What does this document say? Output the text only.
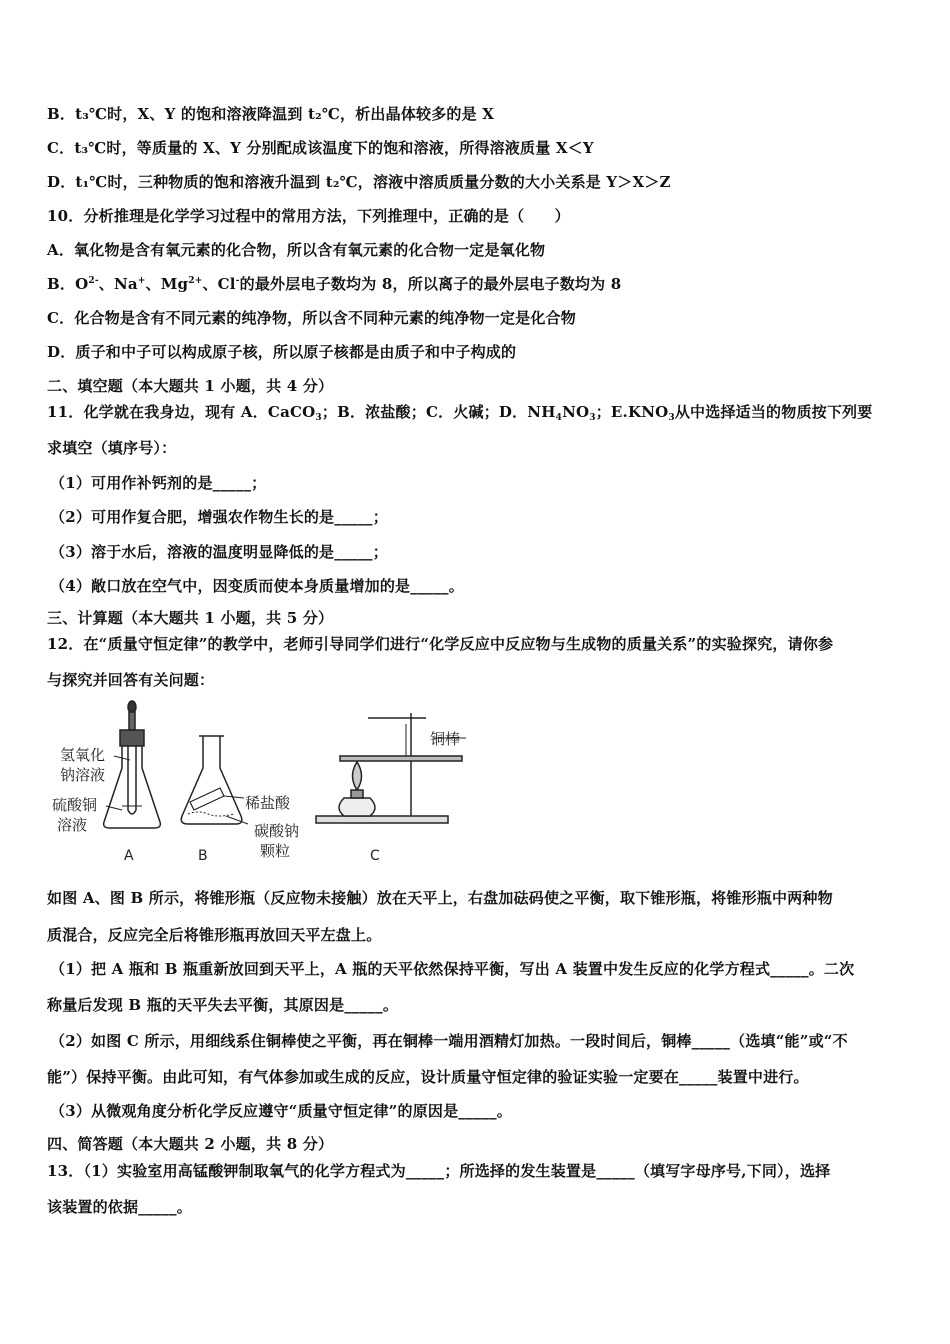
B．t₃℃时，X、Y 的饱和溶液降温到 t₂℃，析出晶体较多的是 X
C．t₃℃时，等质量的 X、Y 分别配成该温度下的饱和溶液，所得溶液质量 X＜Y
D．t₁℃时，三种物质的饱和溶液升温到 t₂℃，溶液中溶质质量分数的大小关系是 Y＞X＞Z
10．分析推理是化学学习过程中的常用方法，下列推理中，正确的是（　　）
A．氧化物是含有氧元素的化合物，所以含有氧元素的化合物一定是氧化物
B．$O^{2-}$、Na+、$Mg^{2+}$、Cl-的最外层电子数均为 8，所以离子的最外层电子数均为 8
C．化合物是含有不同元素的纯净物，所以含不同种元素的纯净物一定是化合物
D．质子和中子可以构成原子核，所以原子核都是由质子和中子构成的
二、填空题（本大题共 1 小题，共 4 分）
11．化学就在我身边，现有 A．CaCO$_3$；B．浓盐酸；C．火碱；D．$NH_4NO_3$；$E.KNO_3$从中选择适当的物质按下列要
求填空（填序号）：
（1）可用作补钙剂的是_____；
（2）可用作复合肥，增强农作物生长的是_____；
（3）溶于水后，溶液的温度明显降低的是_____；
（4）敞口放在空气中，因变质而使本身质量增加的是_____。
三、计算题（本大题共 1 小题，共 5 分）
12．在“质量守恒定律”的教学中，老师引导同学们进行“化学反应中反应物与生成物的质量关系”的实验探究，请你参
与探究并回答有关问题：
氢氧化
钠溶液
硫酸铜
溶液
稀盐酸
碳酸钠
颗粒
铜棒
A	B	C
如图 A、图 B 所示，将锥形瓶（反应物未接触）放在天平上，右盘加砝码使之平衡，取下锥形瓶，将锥形瓶中两种物
质混合，反应完全后将锥形瓶再放回天平左盘上。
（1）把 A 瓶和 B 瓶重新放回到天平上，A 瓶的天平依然保持平衡，写出 A 装置中发生反应的化学方程式_____。二次
称量后发现 B 瓶的天平失去平衡，其原因是_____。
（2）如图 C 所示，用细线系住铜棒使之平衡，再在铜棒一端用酒精灯加热。一段时间后，铜棒_____（选填“能”或“不
能”）保持平衡。由此可知，有气体参加或生成的反应，设计质量守恒定律的验证实验一定要在_____装置中进行。
（3）从微观角度分析化学反应遵守“质量守恒定律”的原因是_____。
四、简答题（本大题共 2 小题，共 8 分）
13．（1）实验室用高锰酸钾制取氧气的化学方程式为_____；所选择的发生装置是_____（填写字母序号,下同），选择
该装置的依据_____。
